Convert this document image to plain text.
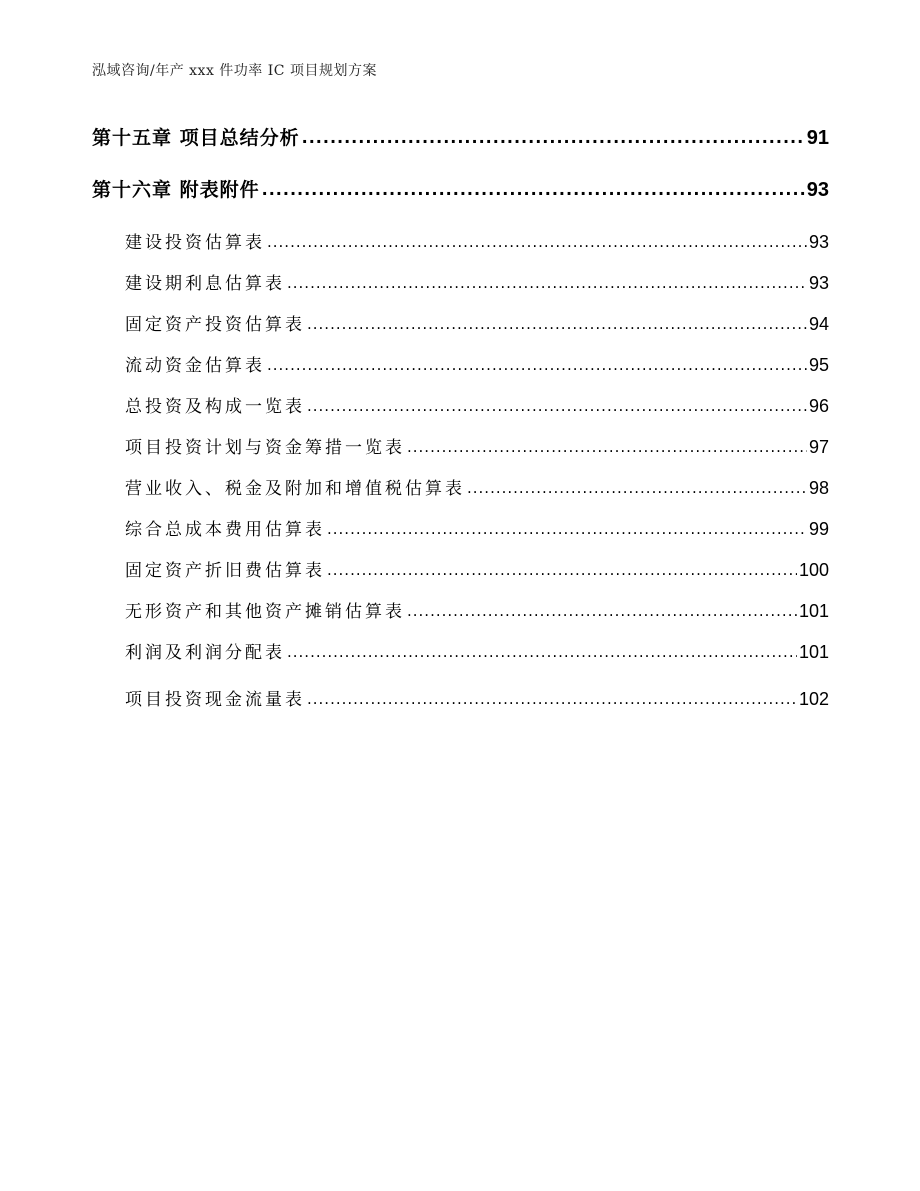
泓域咨询/年产 xxx 件功率 IC 项目规划方案
第十五章 项目总结分析 .....	91
第十六章 附表附件 .....	93
建设投资估算表 .....	93
建设期利息估算表 .....	93
固定资产投资估算表 .....	94
流动资金估算表 .....	95
总投资及构成一览表 .....	96
项目投资计划与资金筹措一览表 .....	97
营业收入、税金及附加和增值税估算表 .....	98
综合总成本费用估算表 .....	99
固定资产折旧费估算表 .....	100
无形资产和其他资产摊销估算表 .....	101
利润及利润分配表 .....	101
项目投资现金流量表 .....	102
